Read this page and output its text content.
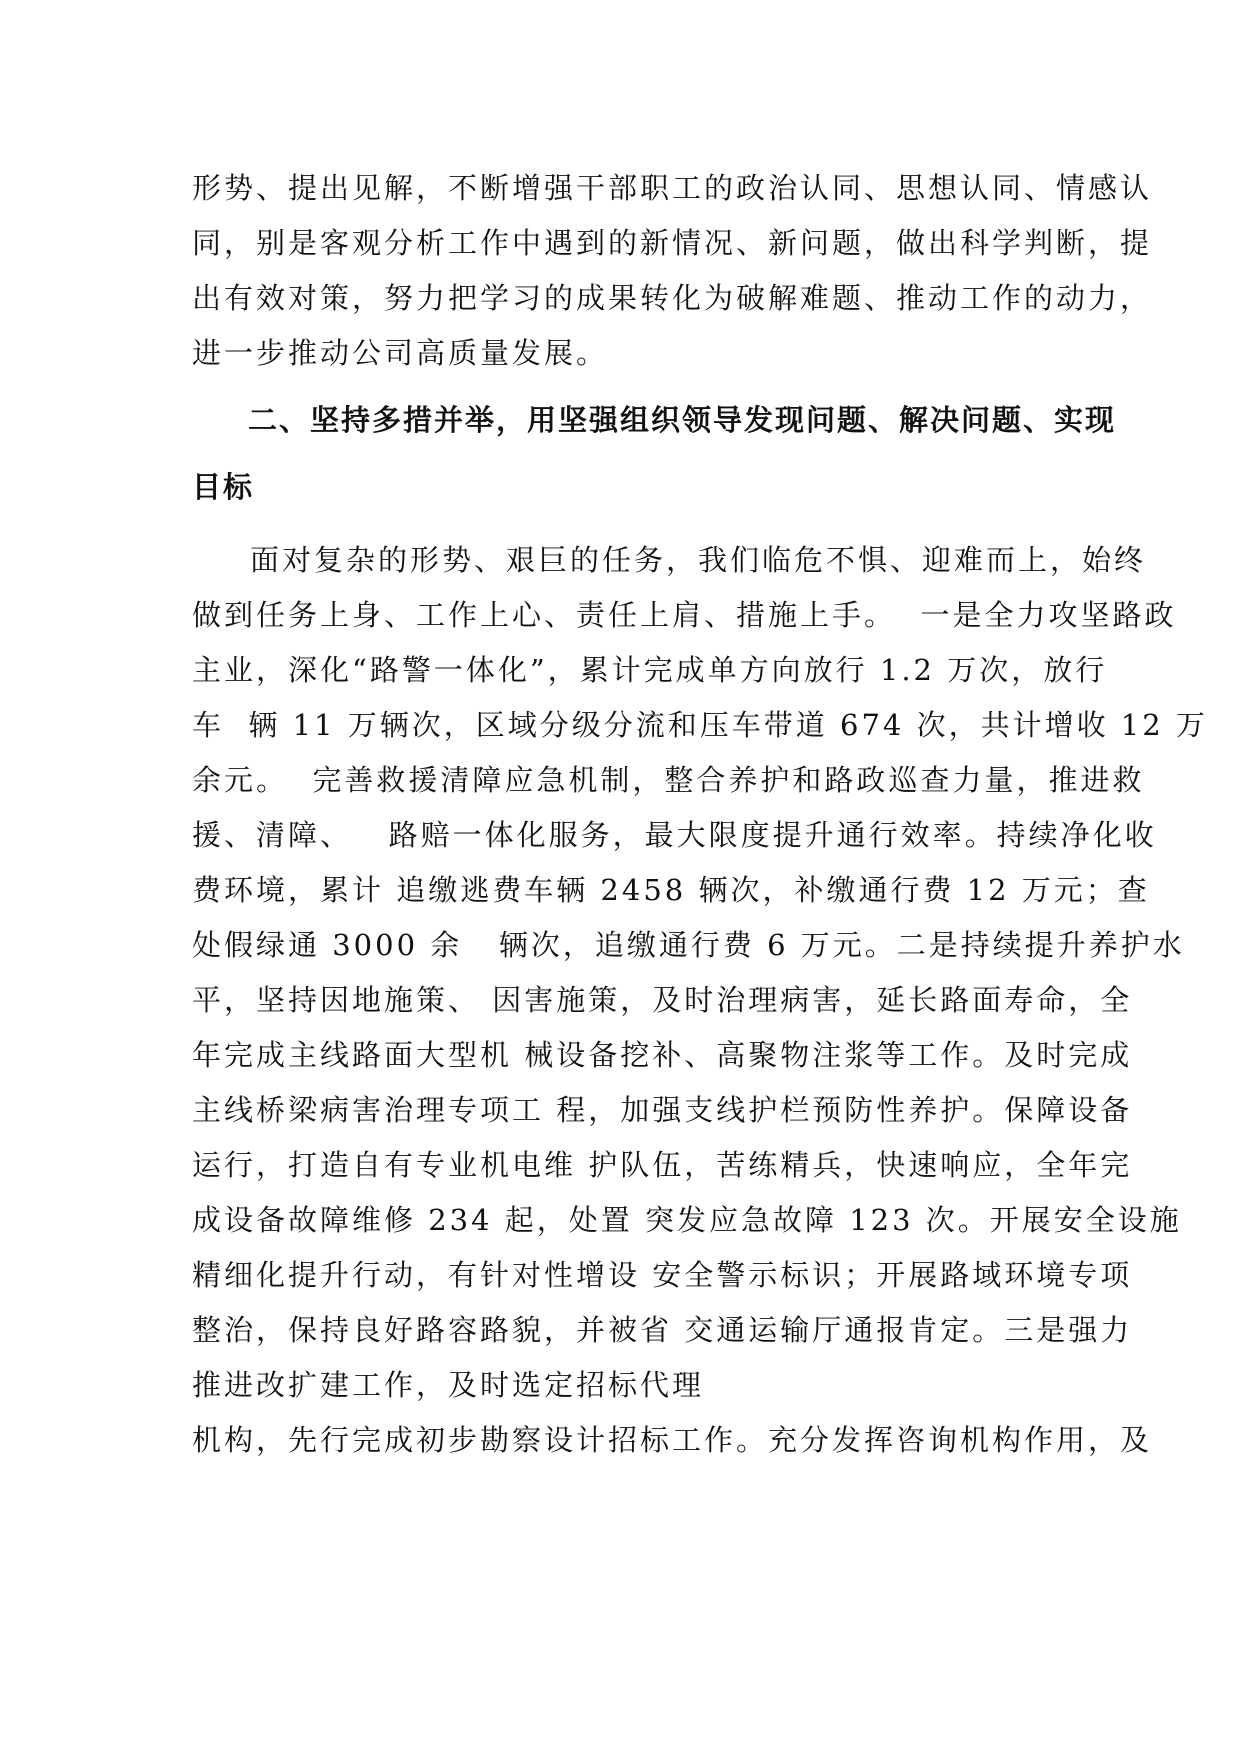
形势、提出见解，不断增强干部职工的政治认同、思想认同、情感认
同，别是客观分析工作中遇到的新情况、新问题，做出科学判断，提
出有效对策，努力把学习的成果转化为破解难题、推动工作的动力，
进一步推动公司高质量发展。
二、坚持多措并举，用坚强组织领导发现问题、解决问题、实现
目标
面对复杂的形势、艰巨的任务，我们临危不惧、迎难而上，始终
做到任务上身、工作上心、责任上肩、措施上手。  一是全力攻坚路政
主业，深化“路警一体化”，累计完成单方向放行 1.2 万次，放行
车  辆 11 万辆次，区域分级分流和压车带道 674 次，共计增收 12 万
余元。  完善救援清障应急机制，整合养护和路政巡查力量，推进救
援、清障、   路赔一体化服务，最大限度提升通行效率。持续净化收
费环境，累计 追缴逃费车辆 2458 辆次，补缴通行费 12 万元；查
处假绿通 3000 余   辆次，追缴通行费 6 万元。二是持续提升养护水
平，坚持因地施策、 因害施策，及时治理病害，延长路面寿命，全
年完成主线路面大型机 械设备挖补、高聚物注浆等工作。及时完成
主线桥梁病害治理专项工 程，加强支线护栏预防性养护。保障设备
运行，打造自有专业机电维 护队伍，苦练精兵，快速响应，全年完
成设备故障维修 234 起，处置 突发应急故障 123 次。开展安全设施
精细化提升行动，有针对性增设 安全警示标识；开展路域环境专项
整治，保持良好路容路貌，并被省 交通运输厅通报肯定。三是强力
推进改扩建工作，及时选定招标代理
机构，先行完成初步勘察设计招标工作。充分发挥咨询机构作用，及
